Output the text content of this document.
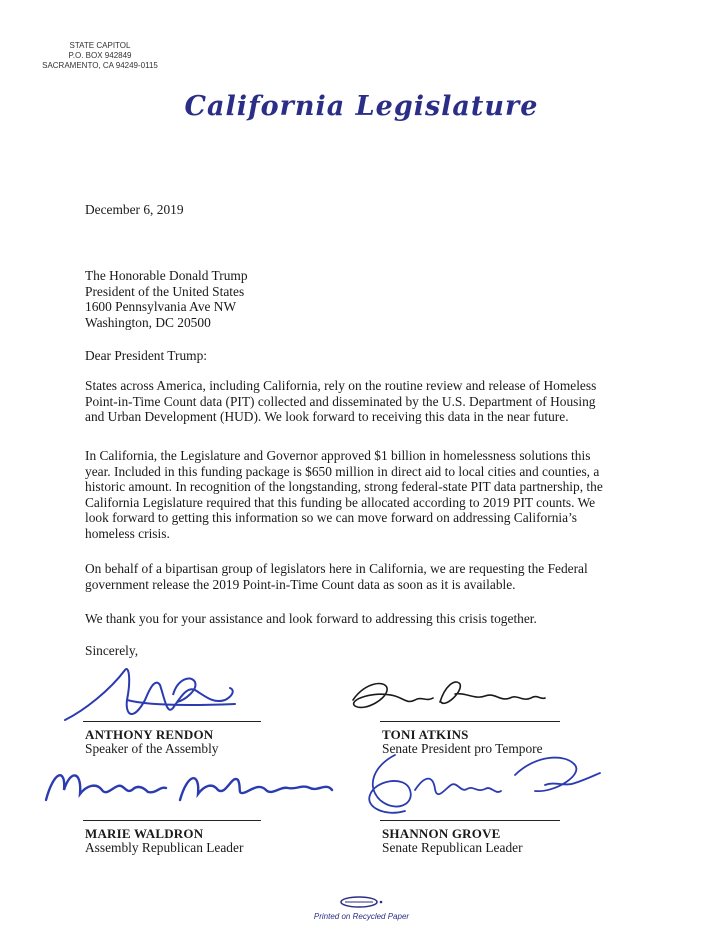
STATE CAPITOL
P.O. BOX 942849
SACRAMENTO, CA 94249-0115
California Legislature
December 6, 2019
The Honorable Donald Trump
President of the United States
1600 Pennsylvania Ave NW
Washington, DC 20500
Dear President Trump:
States across America, including California, rely on the routine review and release of Homeless
Point-in-Time Count data (PIT) collected and disseminated by the U.S. Department of Housing
and Urban Development (HUD). We look forward to receiving this data in the near future.
In California, the Legislature and Governor approved $1 billion in homelessness solutions this
year. Included in this funding package is $650 million in direct aid to local cities and counties, a
historic amount. In recognition of the longstanding, strong federal-state PIT data partnership, the
California Legislature required that this funding be allocated according to 2019 PIT counts. We
look forward to getting this information so we can move forward on addressing California’s
homeless crisis.
On behalf of a bipartisan group of legislators here in California, we are requesting the Federal
government release the 2019 Point-in-Time Count data as soon as it is available.
We thank you for your assistance and look forward to addressing this crisis together.
Sincerely,
ANTHONY RENDON
Speaker of the Assembly
TONI ATKINS
Senate President pro Tempore
MARIE WALDRON
Assembly Republican Leader
SHANNON GROVE
Senate Republican Leader
Printed on Recycled Paper
